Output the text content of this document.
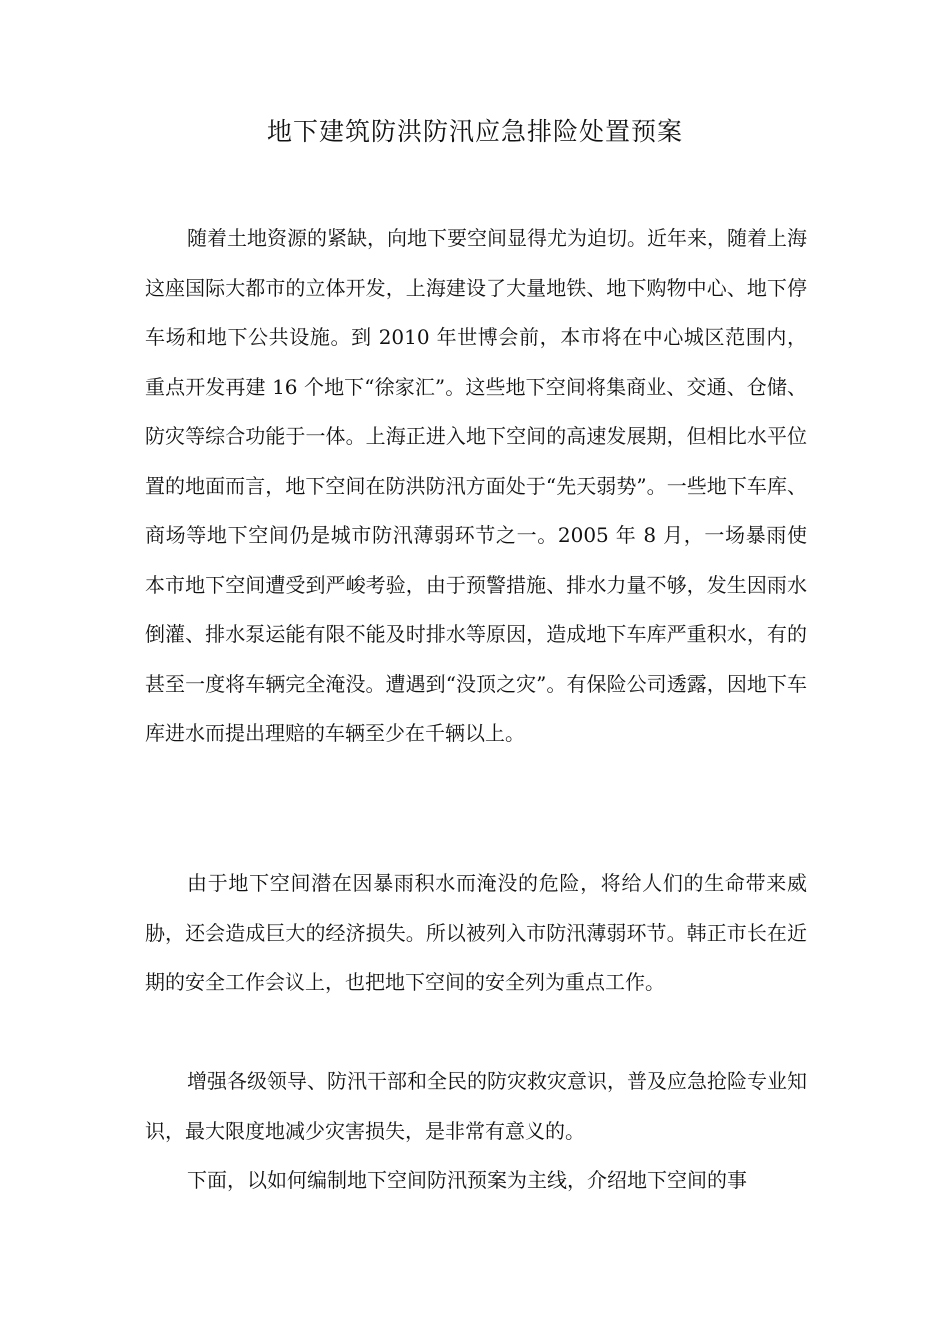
地下建筑防洪防汛应急排险处置预案

随着土地资源的紧缺，向地下要空间显得尤为迫切。近年来，随着上海这座国际大都市的立体开发，上海建设了大量地铁、地下购物中心、地下停车场和地下公共设施。到 2010 年世博会前，本市将在中心城区范围内，重点开发再建 16 个地下“徐家汇”。这些地下空间将集商业、交通、仓储、防灾等综合功能于一体。上海正进入地下空间的高速发展期，但相比水平位置的地面而言，地下空间在防洪防汛方面处于“先天弱势”。一些地下车库、商场等地下空间仍是城市防汛薄弱环节之一。2005 年 8 月，一场暴雨使本市地下空间遭受到严峻考验，由于预警措施、排水力量不够，发生因雨水倒灌、排水泵运能有限不能及时排水等原因，造成地下车库严重积水，有的甚至一度将车辆完全淹没。遭遇到“没顶之灾”。有保险公司透露，因地下车库进水而提出理赔的车辆至少在千辆以上。

由于地下空间潜在因暴雨积水而淹没的危险，将给人们的生命带来威胁，还会造成巨大的经济损失。所以被列入市防汛薄弱环节。韩正市长在近期的安全工作会议上，也把地下空间的安全列为重点工作。

增强各级领导、防汛干部和全民的防灾救灾意识，普及应急抢险专业知识，最大限度地减少灾害损失，是非常有意义的。

下面，以如何编制地下空间防汛预案为主线，介绍地下空间的事
